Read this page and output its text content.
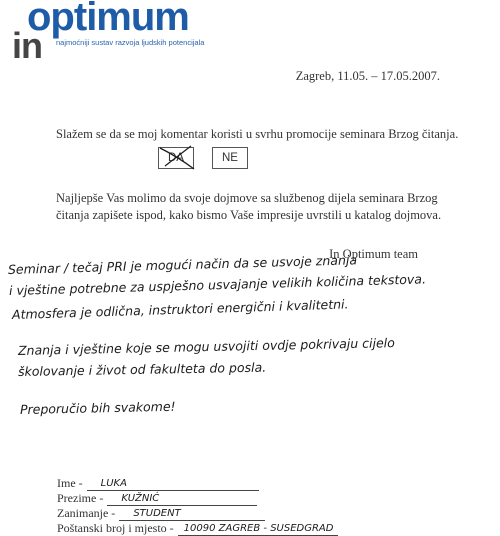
optimum
in najmoćniji sustav razvoja ljudskih potencijala
Zagreb, 11.05. – 17.05.2007.
Slažem se da se moj komentar koristi u svrhu promocije seminara Brzog čitanja.
DA	NE
Najljepše Vas molimo da svoje dojmove sa službenog dijela seminara Brzog čitanja zapišete ispod, kako bismo Vaše impresije uvrstili u katalog dojmova.
In Optimum team
Seminar / tečaj PRI je mogući način da se usvoje znanja
i vještine potrebne za uspješno usvajanje velikih količina tekstova.
Atmosfera je odlična, instruktori energični i kvalitetni.
Znanja i vještine koje se mogu usvojiti ovdje pokrivaju cijelo
školovanje i život od fakulteta do posla.
Preporučio bih svakome!
Ime - LUKA
Prezime - KUŽNIĆ
Zanimanje - STUDENT
Poštanski broj i mjesto - 10090 ZAGREB - SUSEDGRAD
